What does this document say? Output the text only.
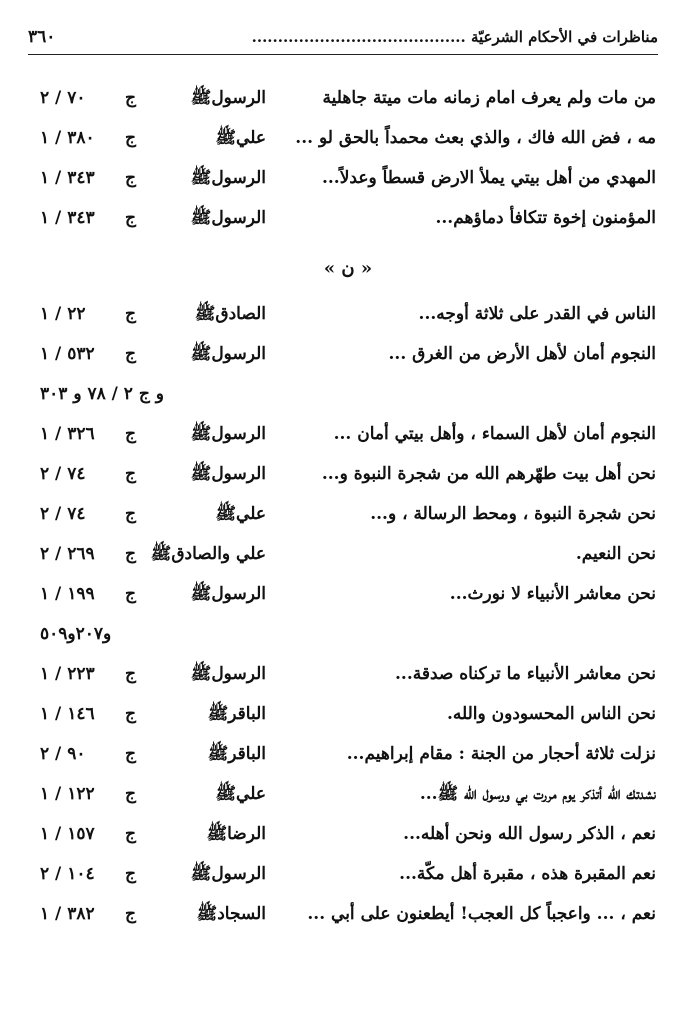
٣٦٠	مناظرات في الأحكام الشرعيّة .........................................
من مات ولم يعرف امام زمانه مات ميتة جاهلية
الرسولﷺ
ج
٧٠ / ٢
مه ، فض الله فاك ، والذي بعث محمداً بالحق لو ...
عليﷺ
ج
٣٨٠ / ١
المهدي من أهل بيتي يملأ الارض قسطاً وعدلاً...
الرسولﷺ
ج
٣٤٣ / ١
المؤمنون إخوة تتكافأ دماؤهم...
الرسولﷺ
ج
٣٤٣ / ١
« ن »
الناس في القدر على ثلاثة أوجه...
الصادقﷺ
ج
٢٢ / ١
النجوم أمان لأهل الأرض من الغرق ...
الرسولﷺ
ج
٥٣٢ / ١
و ج ٢ / ٧٨ و ٣٠٣
النجوم أمان لأهل السماء ، وأهل بيتي أمان ...
الرسولﷺ
ج
٣٢٦ / ١
نحن أهل بيت طهّرهم الله من شجرة النبوة و...
الرسولﷺ
ج
٧٤ / ٢
نحن شجرة النبوة ، ومحط الرسالة ، و...
عليﷺ
ج
٧٤ / ٢
نحن النعيم.
علي والصادقﷺ
ج
٢٦٩ / ٢
نحن معاشر الأنبياء لا نورث...
الرسولﷺ
ج
١٩٩ / ١
و٢٠٧و٥٠٩
نحن معاشر الأنبياء ما تركناه صدقة...
الرسولﷺ
ج
٢٢٣ / ١
نحن الناس المحسودون والله.
الباقرﷺ
ج
١٤٦ / ١
نزلت ثلاثة أحجار من الجنة : مقام إبراهيم...
الباقرﷺ
ج
٩٠ / ٢
نشدتك الله أتذكر يوم مررت بي ورسول الله ﷺ...
عليﷺ
ج
١٢٢ / ١
نعم ، الذكر رسول الله ونحن أهله...
الرضاﷺ
ج
١٥٧ / ١
نعم المقبرة هذه ، مقبرة أهل مكّة...
الرسولﷺ
ج
١٠٤ / ٢
نعم ، ... واعجباً كل العجب! أيطعنون على أبي ...
السجادﷺ
ج
٣٨٢ / ١
